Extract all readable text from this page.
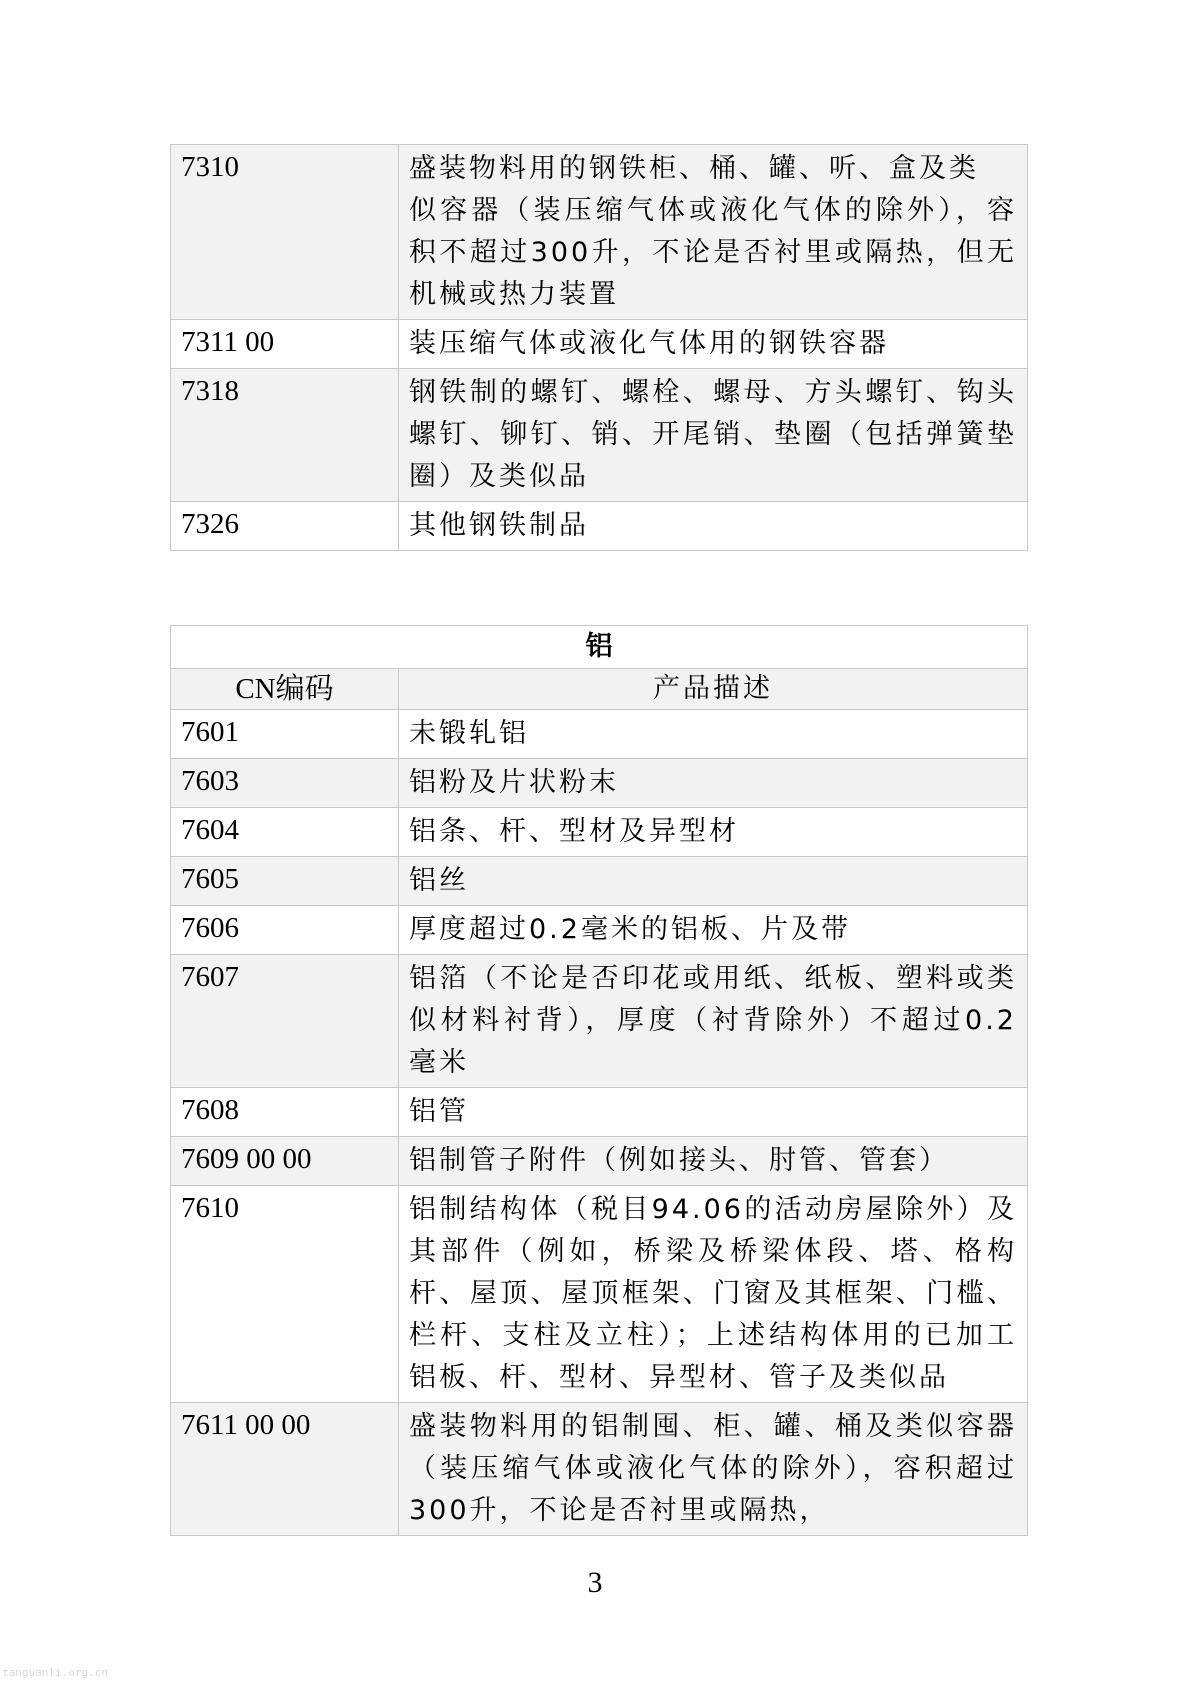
7310	盛装物料用的钢铁柜、桶、罐、听、盒及类
似容器（装压缩气体或液化气体的除外），容积不超过300升，不论是否衬里或隔热，但无机械或热力装置
7311 00	装压缩气体或液化气体用的钢铁容器
7318	钢铁制的螺钉、螺栓、螺母、方头螺钉、钩头螺钉、铆钉、销、开尾销、垫圈（包括弹簧垫圈）及类似品
7326	其他钢铁制品
铝	
CN编码	产品描述
7601	未锻轧铝
7603	铝粉及片状粉末
7604	铝条、杆、型材及异型材
7605	铝丝
7606	厚度超过0.2毫米的铝板、片及带
7607	铝箔（不论是否印花或用纸、纸板、塑料或类似材料衬背），厚度（衬背除外）不超过0.2毫米
7608	铝管
7609 00 00	铝制管子附件（例如接头、肘管、管套）
7610	铝制结构体（税目94.06的活动房屋除外）及其部件（例如，桥梁及桥梁体段、塔、格构杆、屋顶、屋顶框架、门窗及其框架、门槛、栏杆、支柱及立柱）；上述结构体用的已加工铝板、杆、型材、异型材、管子及类似品
7611 00 00	盛装物料用的铝制囤、柜、罐、桶及类似容器（装压缩气体或液化气体的除外），容积超过300升，不论是否衬里或隔热，
3
tanguanli.org.cn
